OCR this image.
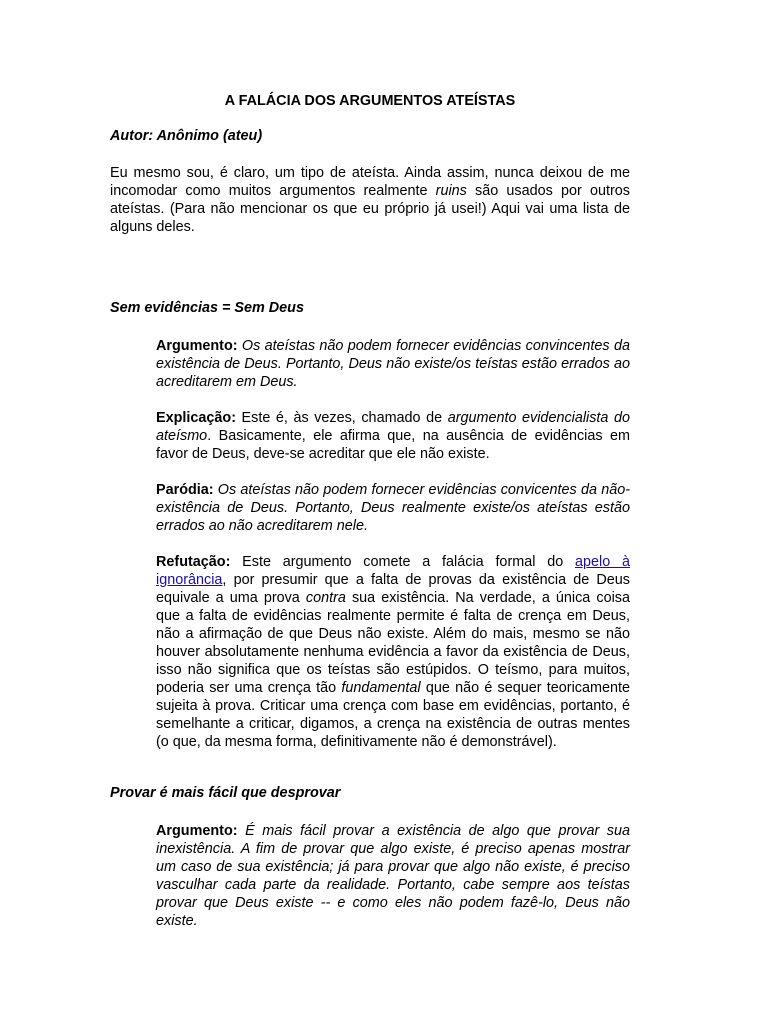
A FALÁCIA DOS ARGUMENTOS ATEÍSTAS

Autor: Anônimo (ateu)

Eu mesmo sou, é claro, um tipo de ateísta. Ainda assim, nunca deixou de me incomodar como muitos argumentos realmente ruins são usados por outros ateístas. (Para não mencionar os que eu próprio já usei!) Aqui vai uma lista de alguns deles.

Sem evidências = Sem Deus

Argumento: Os ateístas não podem fornecer evidências convincentes da existência de Deus. Portanto, Deus não existe/os teístas estão errados ao acreditarem em Deus.

Explicação: Este é, às vezes, chamado de argumento evidencialista do ateísmo. Basicamente, ele afirma que, na ausência de evidências em favor de Deus, deve-se acreditar que ele não existe.

Paródia: Os ateístas não podem fornecer evidências convicentes da não-existência de Deus. Portanto, Deus realmente existe/os ateístas estão errados ao não acreditarem nele.

Refutação: Este argumento comete a falácia formal do apelo à ignorância, por presumir que a falta de provas da existência de Deus equivale a uma prova contra sua existência. Na verdade, a única coisa que a falta de evidências realmente permite é falta de crença em Deus, não a afirmação de que Deus não existe. Além do mais, mesmo se não houver absolutamente nenhuma evidência a favor da existência de Deus, isso não significa que os teístas são estúpidos. O teísmo, para muitos, poderia ser uma crença tão fundamental que não é sequer teoricamente sujeita à prova. Criticar uma crença com base em evidências, portanto, é semelhante a criticar, digamos, a crença na existência de outras mentes (o que, da mesma forma, definitivamente não é demonstrável).

Provar é mais fácil que desprovar

Argumento: É mais fácil provar a existência de algo que provar sua inexistência. A fim de provar que algo existe, é preciso apenas mostrar um caso de sua existência; já para provar que algo não existe, é preciso vasculhar cada parte da realidade. Portanto, cabe sempre aos teístas provar que Deus existe -- e como eles não podem fazê-lo, Deus não existe.
